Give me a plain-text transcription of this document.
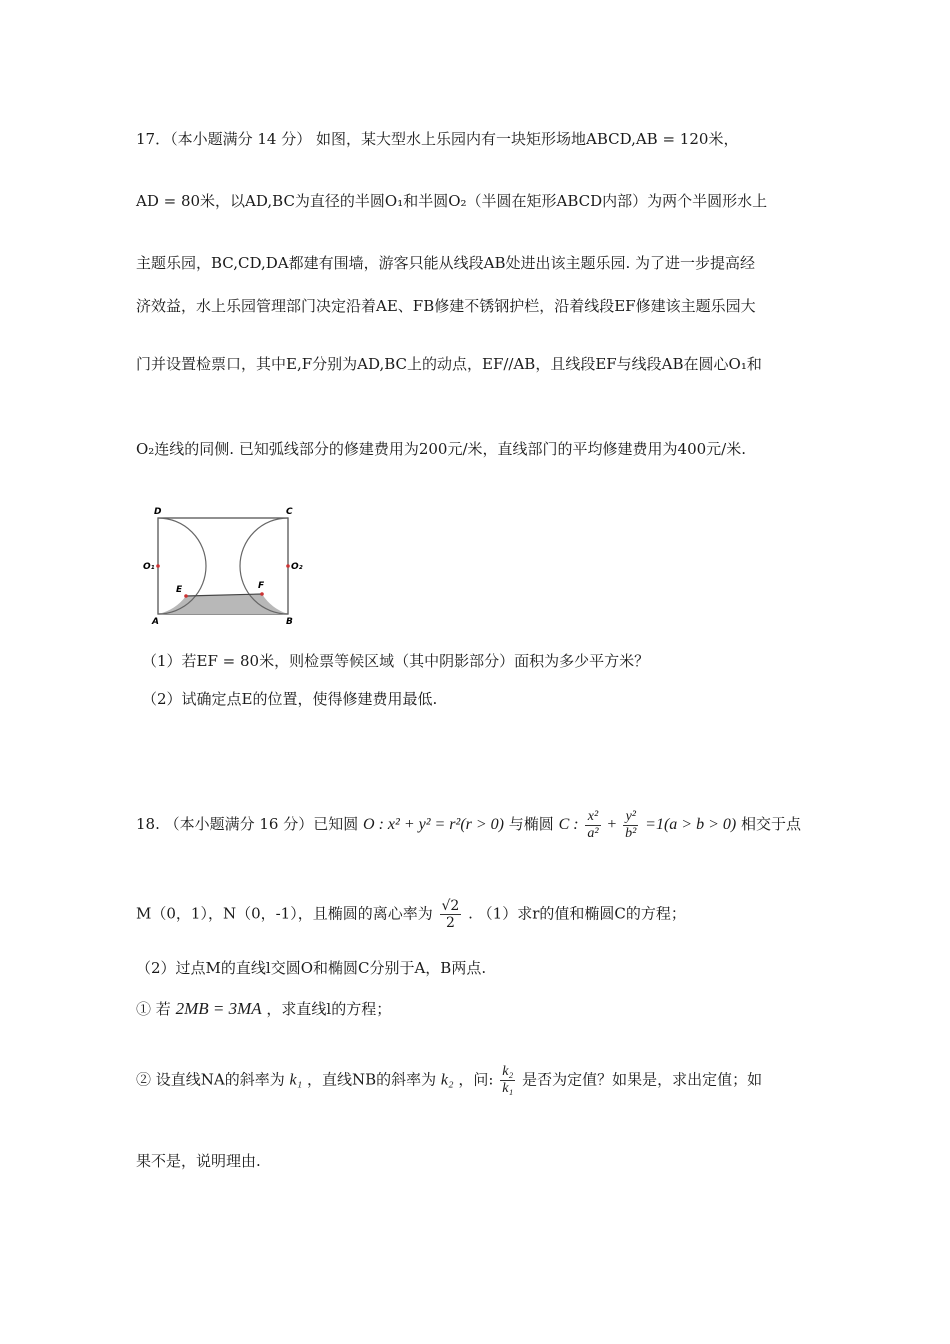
17．（本小题满分 14 分） 如图，某大型水上乐园内有一块矩形场地ABCD,AB = 120米，
AD = 80米，以AD,BC为直径的半圆O₁和半圆O₂（半圆在矩形ABCD内部）为两个半圆形水上
主题乐园，BC,CD,DA都建有围墙，游客只能从线段AB处进出该主题乐园. 为了进一步提高经
济效益，水上乐园管理部门决定沿着AE、FB修建不锈钢护栏，沿着线段EF修建该主题乐园大
门并设置检票口，其中E,F分别为AD,BC上的动点，EF//AB，且线段EF与线段AB在圆心O₁和
O₂连线的同侧. 已知弧线部分的修建费用为200元/米，直线部门的平均修建费用为400元/米.
D	C
A	B
O₁	O₂
E	F
（1）若EF = 80米，则检票等候区域（其中阴影部分）面积为多少平方米？
（2）试确定点E的位置，使得修建费用最低.
18. （本小题满分 16 分）已知圆 O : x² + y² = r²(r > 0) 与椭圆 C : $\frac{\text{x²}}{\text{a²}} + \frac{\text{y²}}{\text{b²}} =1(a > b > 0)$ 相交于点
M（0，1），N（0，-1），且椭圆的离心率为 $\frac{√2}{2}$ . （1）求r的值和椭圆C的方程；
（2）过点M的直线l交圆O和椭圆C分别于A，B两点.
① 若 2MB = 3MA ，求直线l的方程；
② 设直线NA的斜率为 k₁ ，直线NB的斜率为 k₂ ，问: $\frac{\text{k₂}}{\text{k₁}}$ 是否为定值？如果是，求出定值；如
果不是，说明理由.
